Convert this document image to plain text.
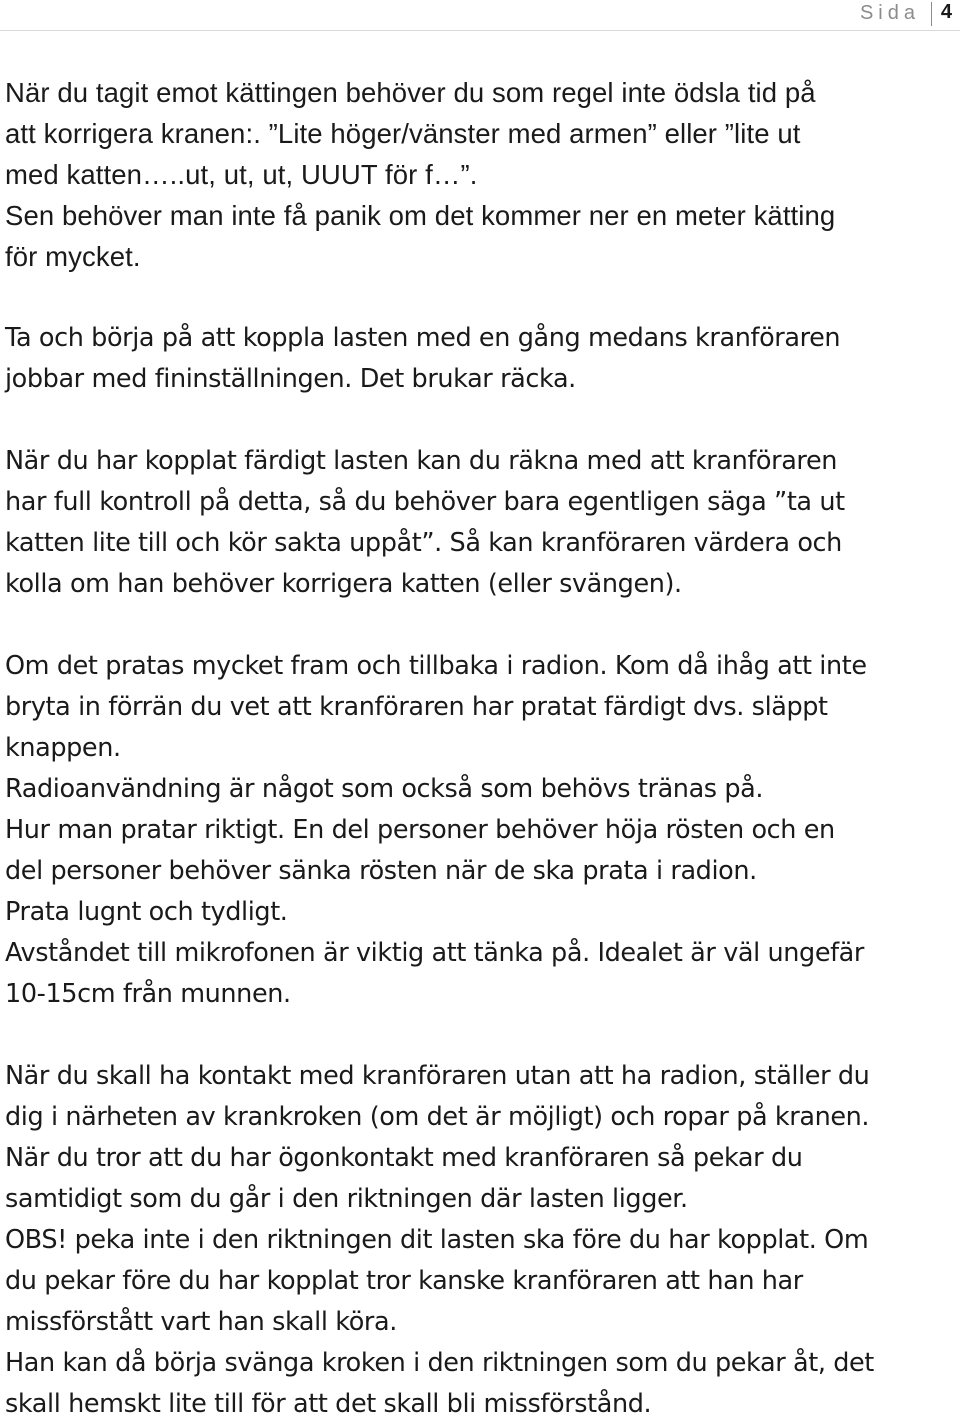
Sida 4
När du tagit emot kättingen behöver du som regel inte ödsla tid på
att korrigera kranen:. ”Lite höger/vänster med armen” eller ”lite ut
med katten…..ut, ut, ut, UUUT för f…”.
Sen behöver man inte få panik om det kommer ner en meter kätting
för mycket.
Ta och börja på att koppla lasten med en gång medans kranföraren
jobbar med fininställningen. Det brukar räcka.
När du har kopplat färdigt lasten kan du räkna med att kranföraren
har full kontroll på detta, så du behöver bara egentligen säga ”ta ut
katten lite till och kör sakta uppåt”. Så kan kranföraren värdera och
kolla om han behöver korrigera katten (eller svängen).
Om det pratas mycket fram och tillbaka i radion. Kom då ihåg att inte
bryta in förrän du vet att kranföraren har pratat färdigt dvs. släppt
knappen.
Radioanvändning är något som också som behövs tränas på.
Hur man pratar riktigt. En del personer behöver höja rösten och en
del personer behöver sänka rösten när de ska prata i radion.
Prata lugnt och tydligt.
Avståndet till mikrofonen är viktig att tänka på. Idealet är väl ungefär
10-15cm från munnen.
När du skall ha kontakt med kranföraren utan att ha radion, ställer du
dig i närheten av krankroken (om det är möjligt) och ropar på kranen.
När du tror att du har ögonkontakt med kranföraren så pekar du
samtidigt som du går i den riktningen där lasten ligger.
OBS! peka inte i den riktningen dit lasten ska före du har kopplat. Om
du pekar före du har kopplat tror kanske kranföraren att han har
missförstått vart han skall köra.
Han kan då börja svänga kroken i den riktningen som du pekar åt, det
skall hemskt lite till för att det skall bli missförstånd.
